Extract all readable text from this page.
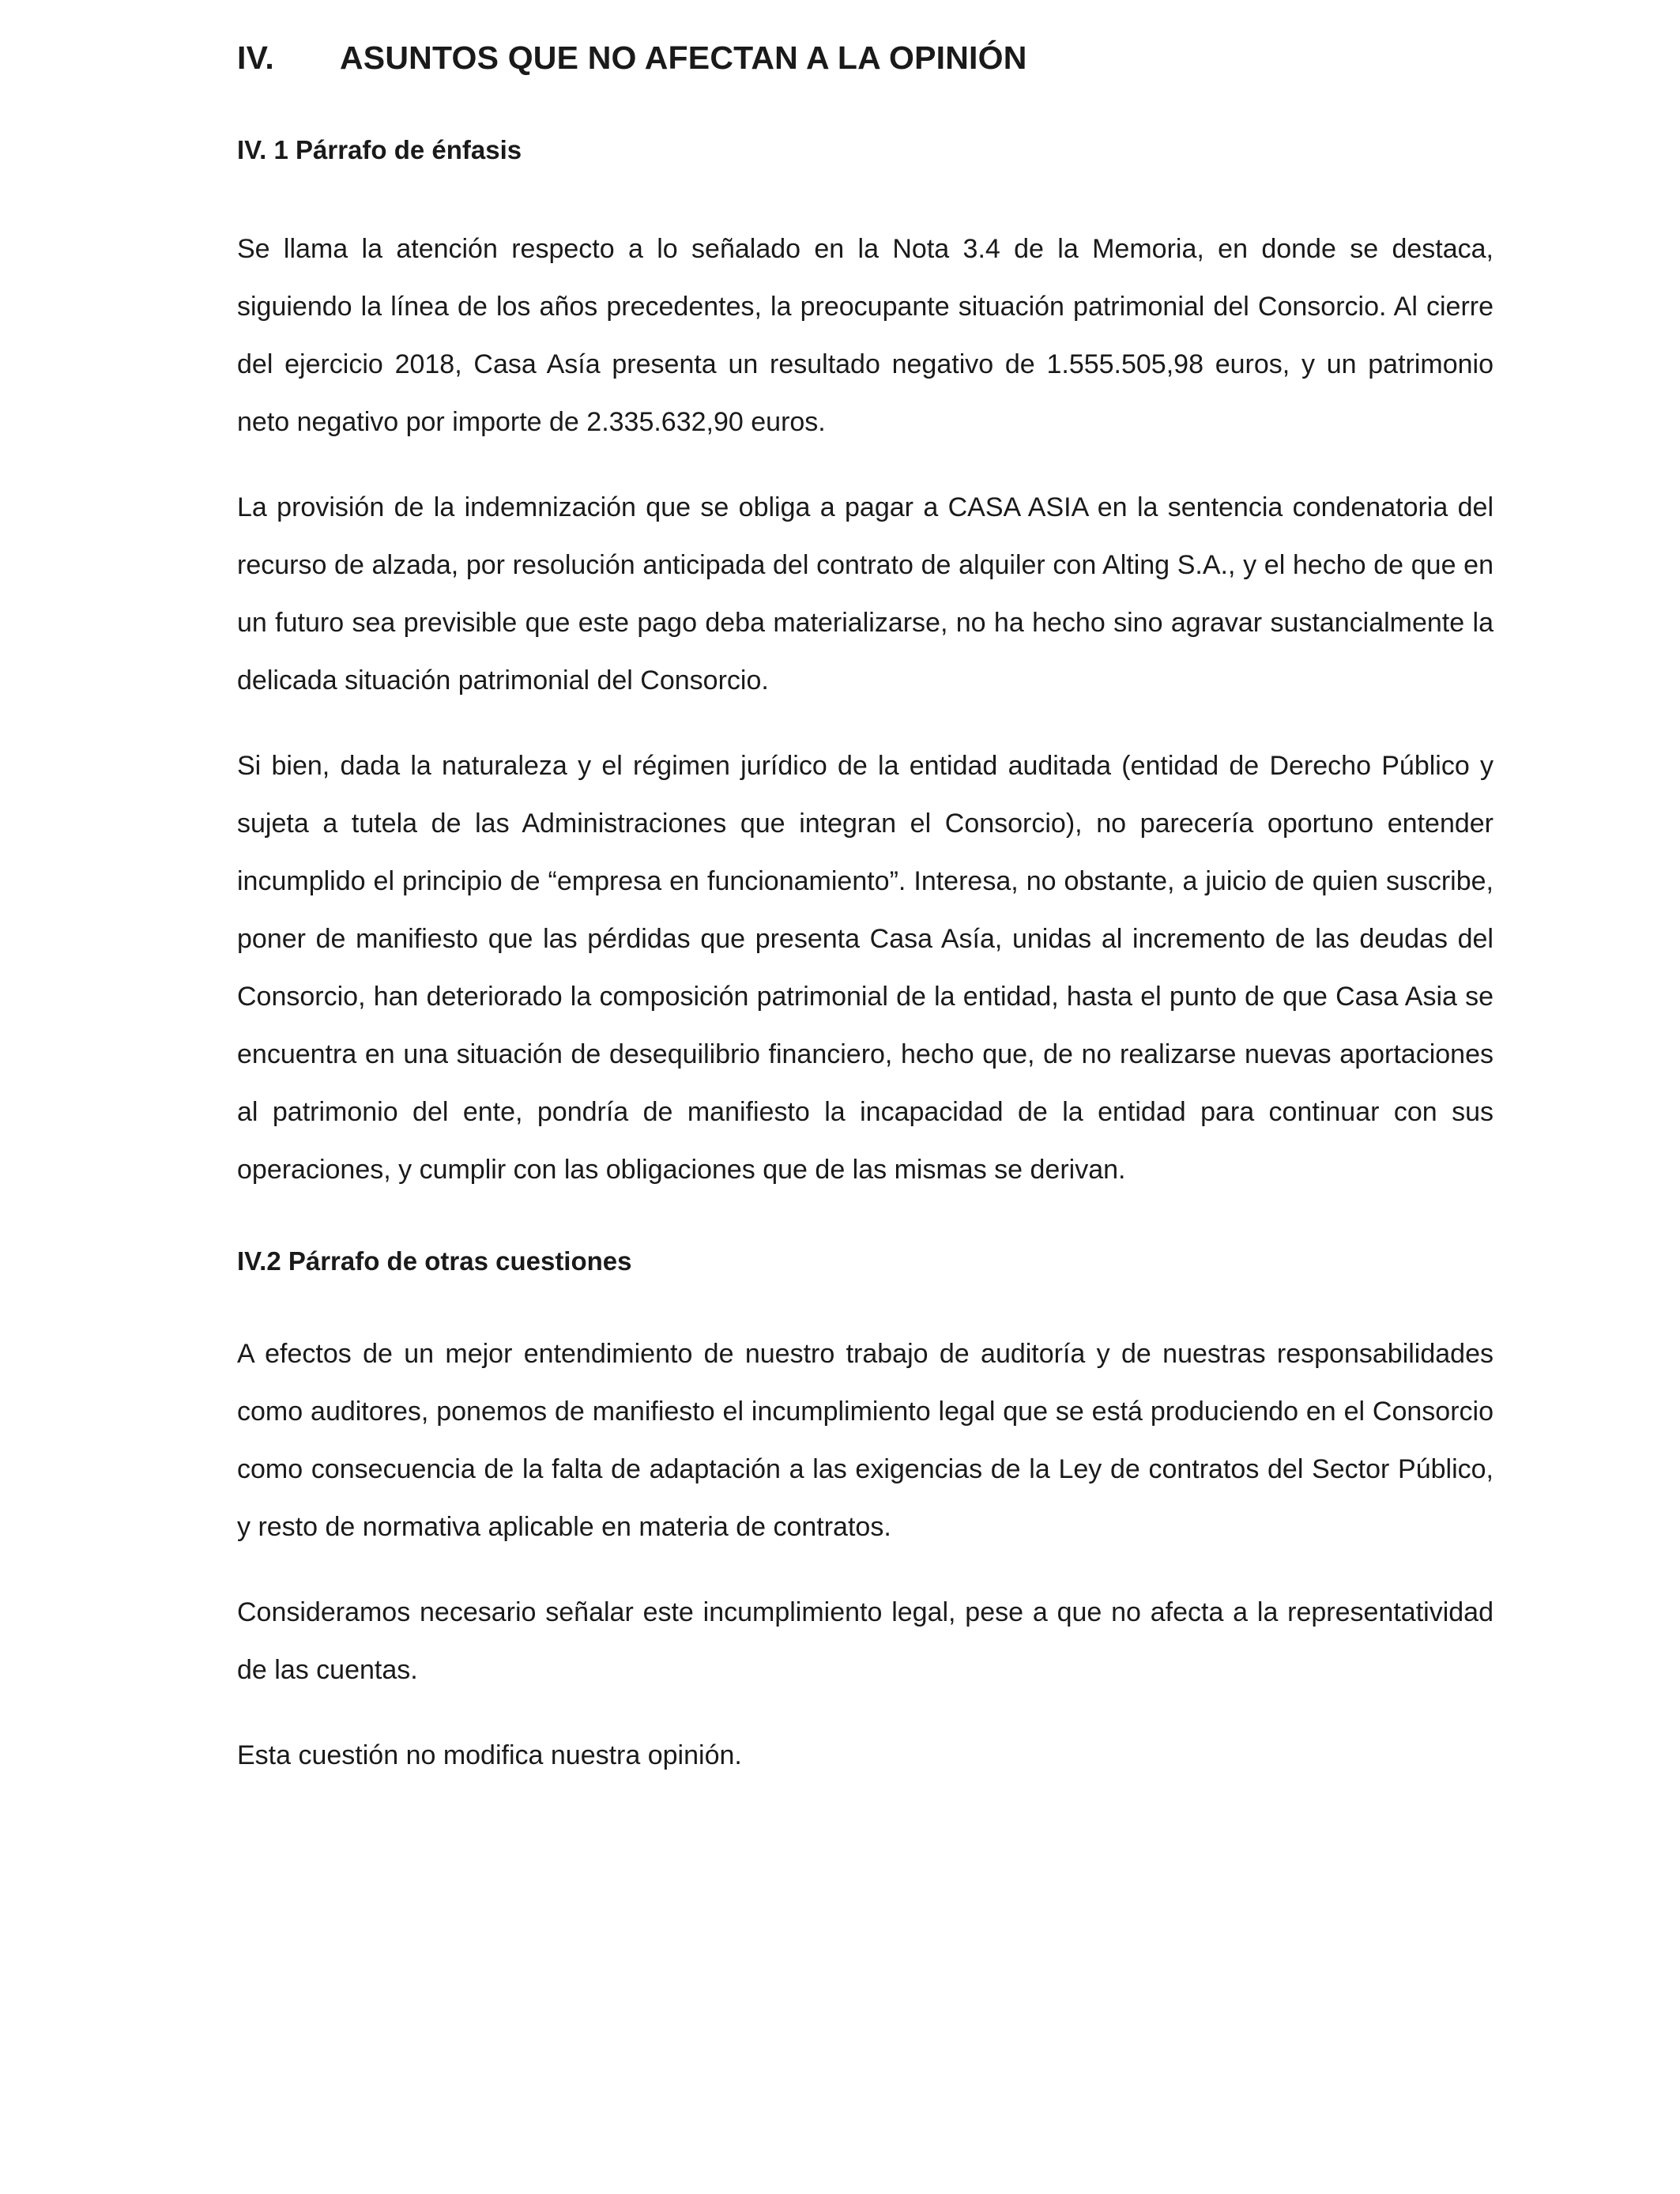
IV.	ASUNTOS QUE NO AFECTAN A LA OPINIÓN
IV. 1 Párrafo de énfasis

Se llama la atención respecto a lo señalado en la Nota 3.4 de la Memoria, en donde se destaca, siguiendo la línea de los años precedentes, la preocupante situación patrimonial del Consorcio. Al cierre del ejercicio 2018, Casa Asía presenta un resultado negativo de 1.555.505,98 euros, y un patrimonio neto negativo por importe de 2.335.632,90 euros.

La provisión de la indemnización que se obliga a pagar a CASA ASIA en la sentencia condenatoria del recurso de alzada, por resolución anticipada del contrato de alquiler con Alting S.A., y el hecho de que en un futuro sea previsible que este pago deba materializarse, no ha hecho sino agravar sustancialmente la delicada situación patrimonial del Consorcio.

Si bien, dada la naturaleza y el régimen jurídico de la entidad auditada (entidad de Derecho Público y sujeta a tutela de las Administraciones que integran el Consorcio), no parecería oportuno entender incumplido el principio de “empresa en funcionamiento”. Interesa, no obstante, a juicio de quien suscribe, poner de manifiesto que las pérdidas que presenta Casa Asía, unidas al incremento de las deudas del Consorcio, han deteriorado la composición patrimonial de la entidad, hasta el punto de que Casa Asia se encuentra en una situación de desequilibrio financiero, hecho que, de no realizarse nuevas aportaciones al patrimonio del ente, pondría de manifiesto la incapacidad de la entidad para continuar con sus operaciones, y cumplir con las obligaciones que de las mismas se derivan.

IV.2 Párrafo de otras cuestiones

A efectos de un mejor entendimiento de nuestro trabajo de auditoría y de nuestras responsabilidades como auditores, ponemos de manifiesto el incumplimiento legal que se está produciendo en el Consorcio como consecuencia de la falta de adaptación a las exigencias de la Ley de contratos del Sector Público, y resto de normativa aplicable en materia de contratos.

Consideramos necesario señalar este incumplimiento legal, pese a que no afecta a la representatividad de las cuentas.

Esta cuestión no modifica nuestra opinión.
